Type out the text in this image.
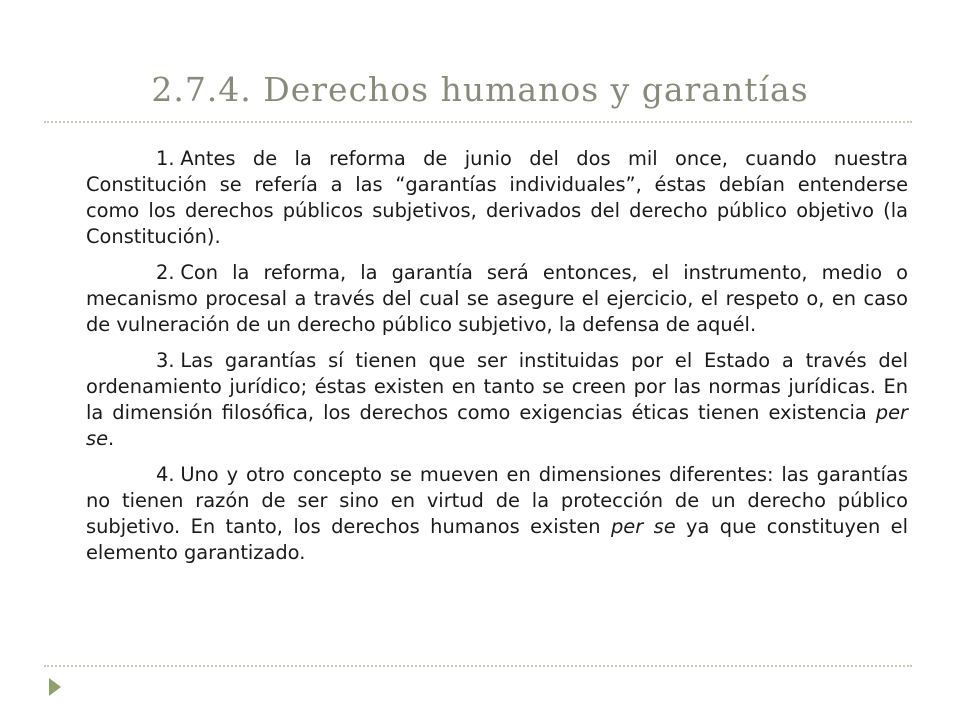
2.7.4. Derechos humanos y garantías

1. Antes de la reforma de junio del dos mil once, cuando nuestra Constitución se refería a las “garantías individuales”, éstas debían entenderse como los derechos públicos subjetivos, derivados del derecho público objetivo (la Constitución).

2. Con la reforma, la garantía será entonces, el instrumento, medio o mecanismo procesal a través del cual se asegure el ejercicio, el respeto o, en caso de vulneración de un derecho público subjetivo, la defensa de aquél.

3. Las garantías sí tienen que ser instituidas por el Estado a través del ordenamiento jurídico; éstas existen en tanto se creen por las normas jurídicas. En la dimensión filosófica, los derechos como exigencias éticas tienen existencia per se.

4. Uno y otro concepto se mueven en dimensiones diferentes: las garantías no tienen razón de ser sino en virtud de la protección de un derecho público subjetivo. En tanto, los derechos humanos existen per se ya que constituyen el elemento garantizado.
